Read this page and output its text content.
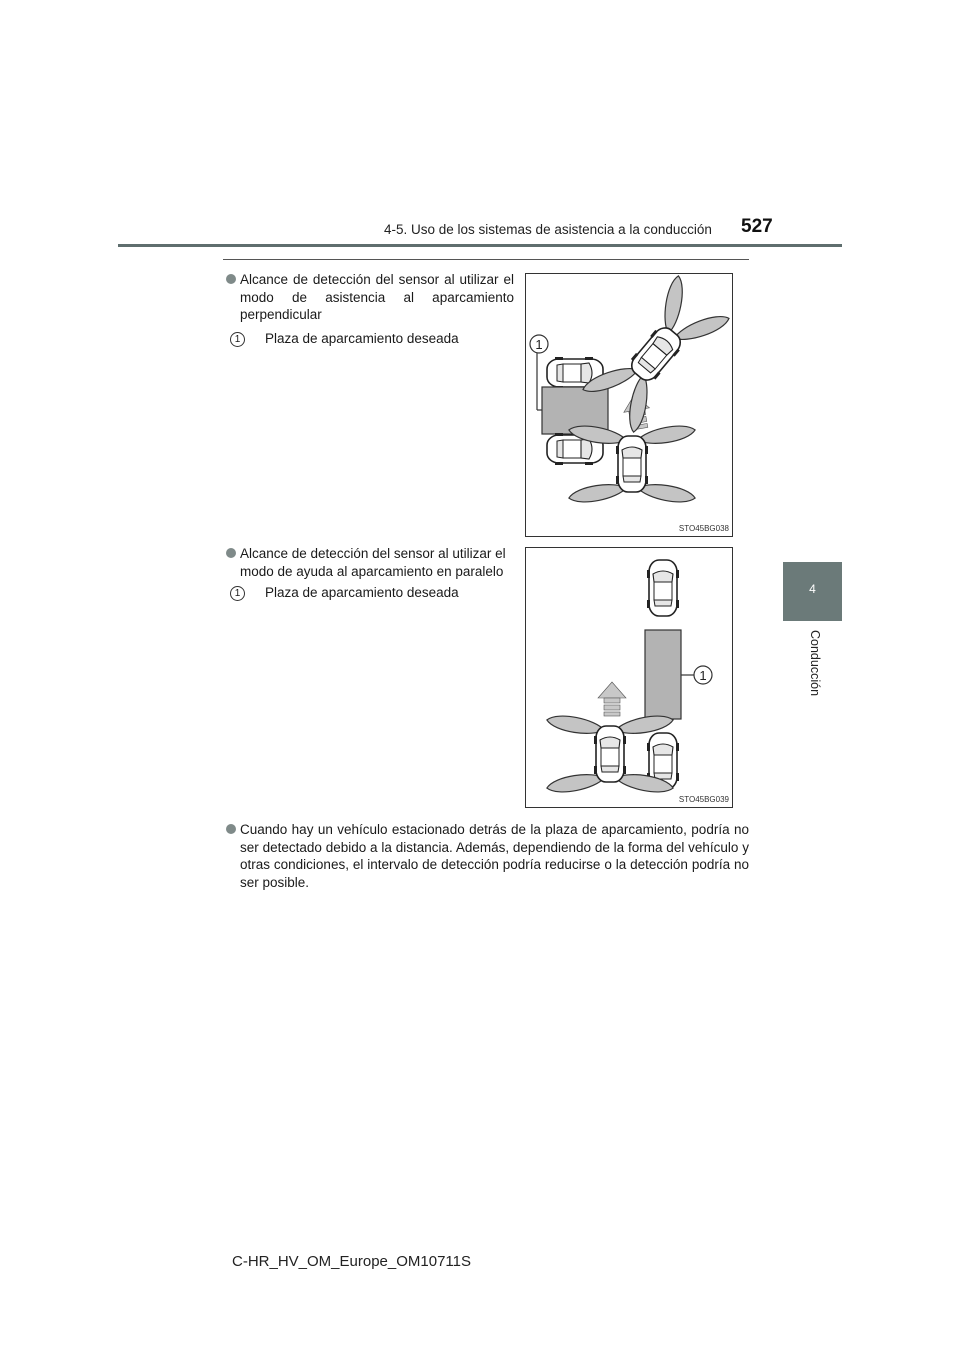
4-5. Uso de los sistemas de asistencia a la conducción 527
4
Conducción
Alcance de detección del sensor al utilizar el modo de asistencia al aparcamiento perpendicular
1 Plaza de aparcamiento deseada	1
STO45BG038
Alcance de detección del sensor al utilizar el modo de ayuda al aparcamiento en paralelo
1 Plaza de aparcamiento deseada
1
STO45BG039
Cuando hay un vehículo estacionado detrás de la plaza de aparcamiento, podría no ser detectado debido a la distancia. Además, dependiendo de la forma del vehículo y otras condiciones, el intervalo de detección podría reducirse o la detección podría no ser posible.
C-HR_HV_OM_Europe_OM10711S
